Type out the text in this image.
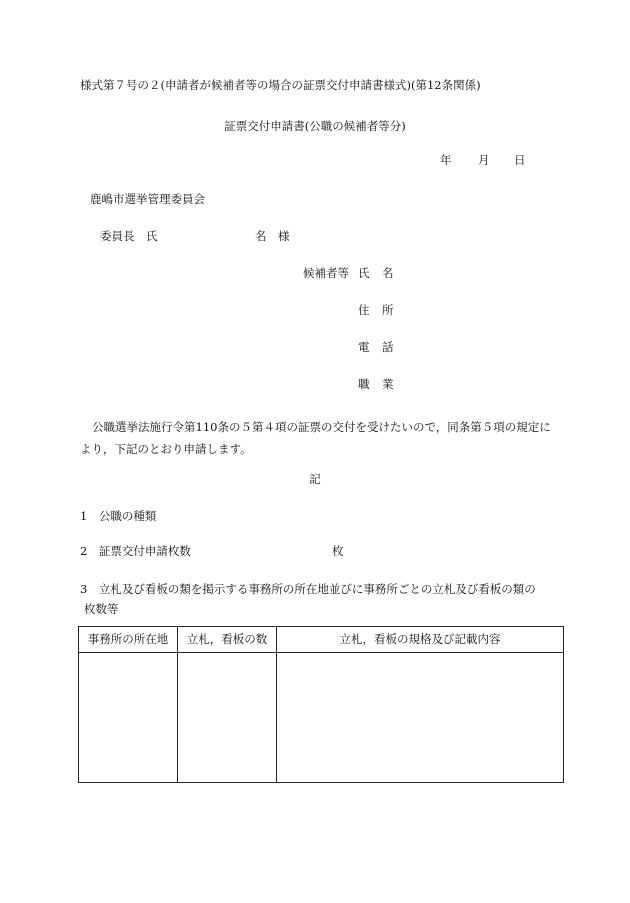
様式第７号の２(申請者が候補者等の場合の証票交付申請書様式)(第12条関係)
証票交付申請書(公職の候補者等分)
年 月 日
鹿嶋市選挙管理委員会
委員長　氏	名　様
候補者等 氏 名
住 所
電 話
職 業
公職選挙法施行令第110条の５第４項の証票の交付を受けたいので，同条第５項の規定により，下記のとおり申請します。
記
1　公職の種類
2　証票交付申請枚数	枚
3　立札及び看板の類を掲示する事務所の所在地並びに事務所ごとの立札及び看板の類の
枚数等
事務所の所在地	立札，看板の数	立札，看板の規格及び記載内容
